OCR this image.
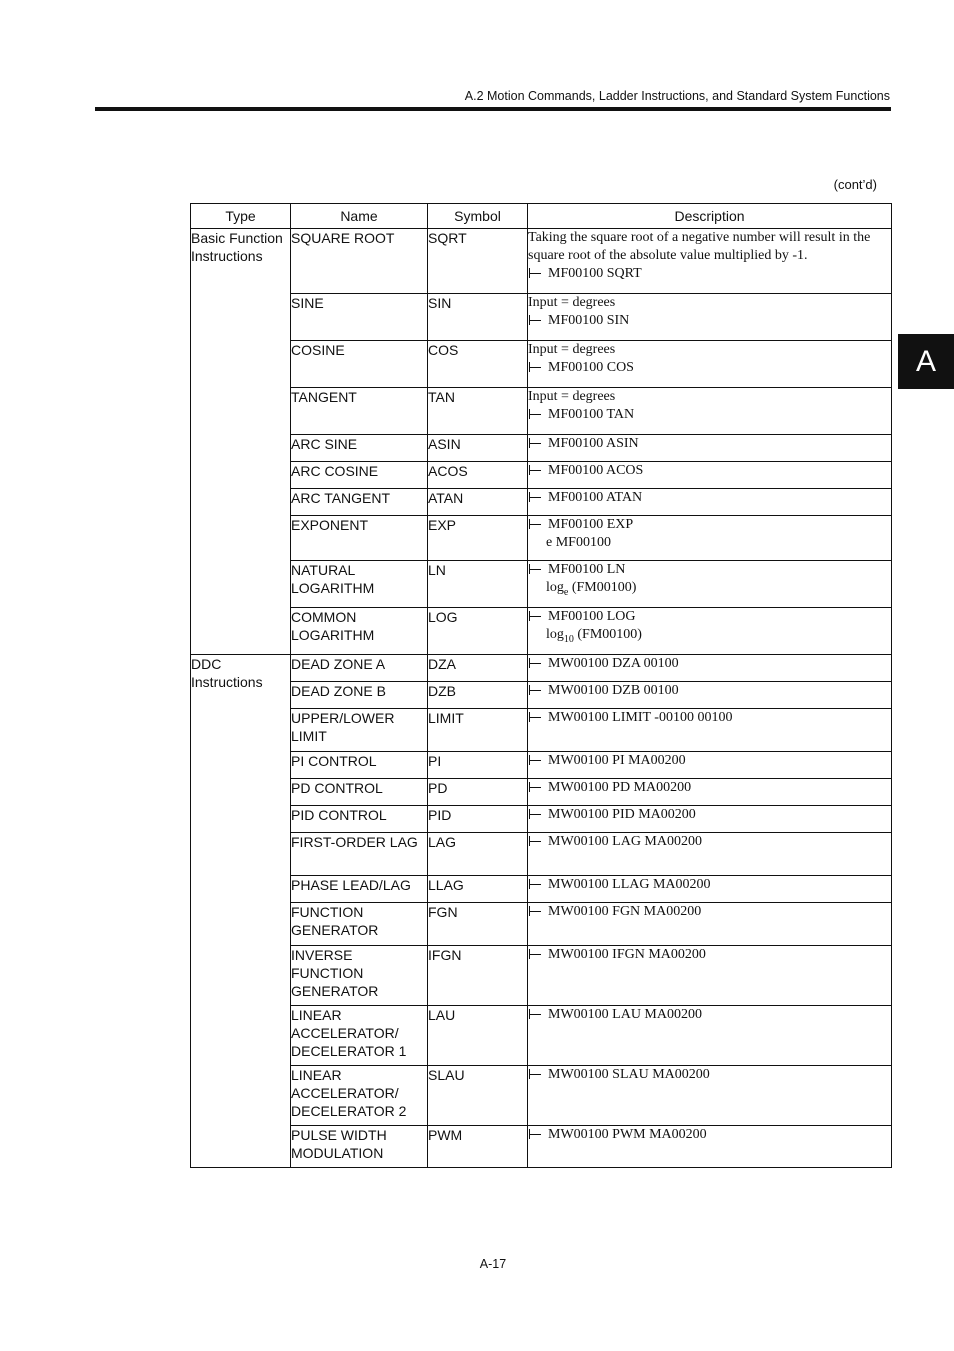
A.2 Motion Commands, Ladder Instructions, and Standard System Functions
A
(cont’d)
Type	Name	Symbol	Description
Basic Function Instructions	SQUARE ROOT	SQRT	Taking the square root of a negative number will result in the square root of the absolute value multiplied by -1.
MF00100 SQRT

	SINE	SIN	Input = degrees
MF00100 SIN

	COSINE	COS	Input = degrees
MF00100 COS

	TANGENT	TAN	Input = degrees
MF00100 TAN

	ARC SINE	ASIN	MF00100 ASIN

	ARC COSINE	ACOS	MF00100 ACOS

	ARC TANGENT	ATAN	MF00100 ATAN

	EXPONENT	EXP	MF00100 EXP
e MF00100

	NATURAL LOGARITHM	LN	MF00100 LN
$\log_e (FM00100)$

	COMMON LOGARITHM	LOG	MF00100 LOG
$\log_{10} (FM00100)$

DDC Instructions	DEAD ZONE A	DZA	MW00100 DZA 00100

	DEAD ZONE B	DZB	MW00100 DZB 00100

	UPPER/LOWER LIMIT	LIMIT	MW00100 LIMIT -00100 00100

	PI CONTROL	PI	MW00100 PI MA00200

	PD CONTROL	PD	MW00100 PD MA00200

	PID CONTROL	PID	MW00100 PID MA00200

	FIRST-ORDER LAG	LAG	MW00100 LAG MA00200

	PHASE LEAD/LAG	LLAG	MW00100 LLAG MA00200

	FUNCTION GENERATOR	FGN	MW00100 FGN MA00200

	INVERSE FUNCTION GENERATOR	IFGN	MW00100 IFGN MA00200

	LINEAR ACCELERATOR/ DECELERATOR 1	LAU	MW00100 LAU MA00200

	LINEAR ACCELERATOR/ DECELERATOR 2	SLAU	MW00100 SLAU MA00200

	PULSE WIDTH MODULATION	PWM	MW00100 PWM MA00200
A-17
